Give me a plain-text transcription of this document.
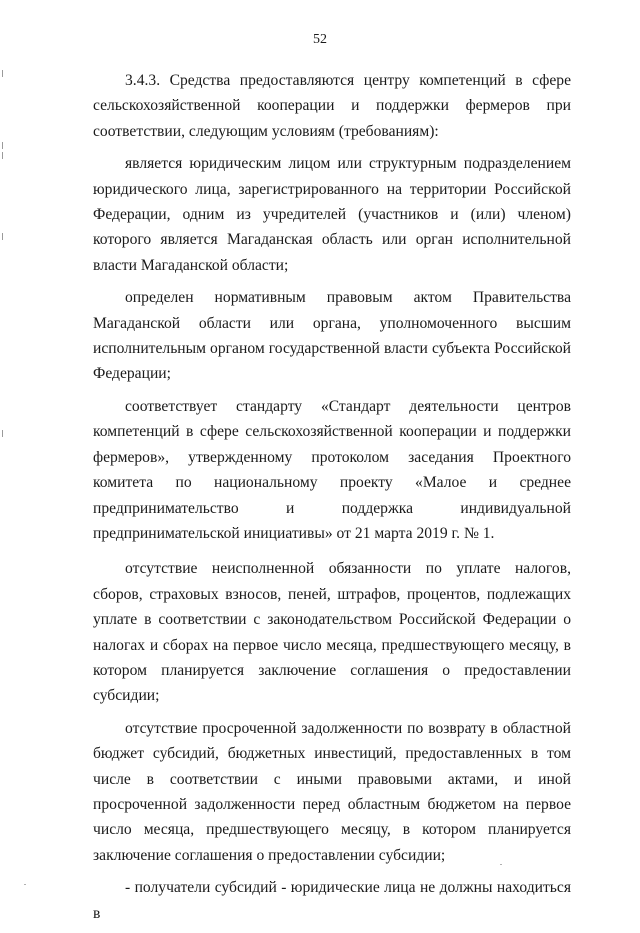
52

3.4.3. Средства предоставляются центру компетенций в сфере сельскохозяйственной кооперации и поддержки фермеров при соответствии, следующим условиям (требованиям):

является юридическим лицом или структурным подразделением юридического лица, зарегистрированного на территории Российской Федерации, одним из учредителей (участников и (или) членом) которого является Магаданская область или орган исполнительной власти Магаданской области;

определен нормативным правовым актом Правительства Магаданской области или органа, уполномоченного высшим исполнительным органом государственной власти субъекта Российской Федерации;

соответствует стандарту «Стандарт деятельности центров компетенций в сфере сельскохозяйственной кооперации и поддержки фермеров», утвержденному протоколом заседания Проектного комитета по национальному проекту «Малое и среднее предпринимательство и поддержка индивидуальной предпринимательской инициативы» от 21 марта 2019 г. № 1.

отсутствие неисполненной обязанности по уплате налогов, сборов, страховых взносов, пеней, штрафов, процентов, подлежащих уплате в соответствии с законодательством Российской Федерации о налогах и сборах на первое число месяца, предшествующего месяцу, в котором планируется заключение соглашения о предоставлении субсидии;

отсутствие просроченной задолженности по возврату в областной бюджет субсидий, бюджетных инвестиций, предоставленных в том числе в соответствии с иными правовыми актами, и иной просроченной задолженности перед областным бюджетом на первое число месяца, предшествующего месяцу, в котором планируется заключение соглашения о предоставлении субсидии;

- получатели субсидий - юридические лица не должны находиться в
